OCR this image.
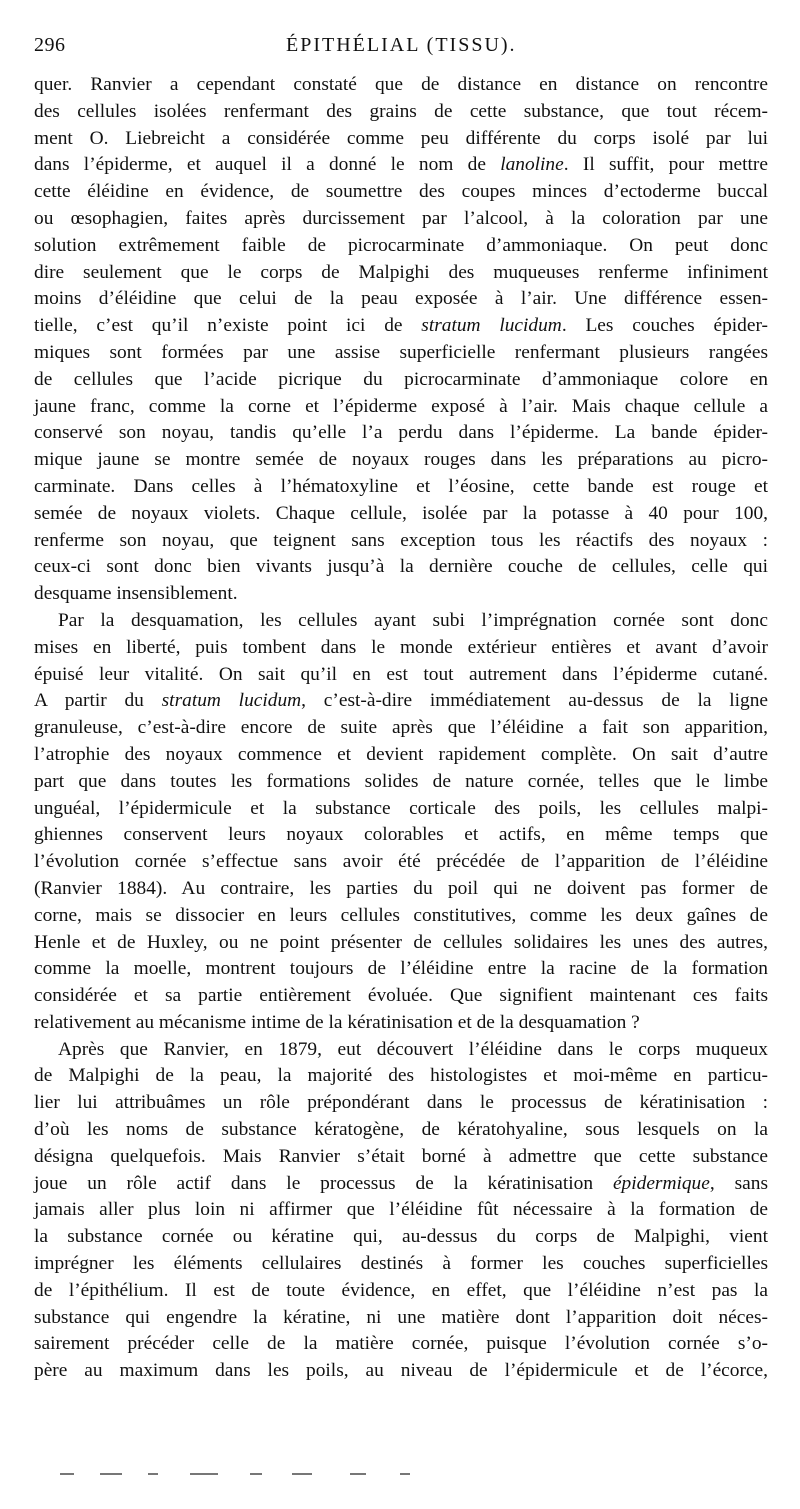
296	ÉPITHÉLIAL (TISSU).
quer. Ranvier a cependant constaté que de distance en distance on rencontre
des cellules isolées renfermant des grains de cette substance, que tout récem-
ment O. Liebreicht a considérée comme peu différente du corps isolé par lui
dans l’épiderme, et auquel il a donné le nom de lanoline. Il suffit, pour mettre
cette éléidine en évidence, de soumettre des coupes minces d’ectoderme buccal
ou œsophagien, faites après durcissement par l’alcool, à la coloration par une
solution extrêmement faible de picrocarminate d’ammoniaque. On peut donc
dire seulement que le corps de Malpighi des muqueuses renferme infiniment
moins d’éléidine que celui de la peau exposée à l’air. Une différence essen-
tielle, c’est qu’il n’existe point ici de stratum lucidum. Les couches épider-
miques sont formées par une assise superficielle renfermant plusieurs rangées
de cellules que l’acide picrique du picrocarminate d’ammoniaque colore en
jaune franc, comme la corne et l’épiderme exposé à l’air. Mais chaque cellule a
conservé son noyau, tandis qu’elle l’a perdu dans l’épiderme. La bande épider-
mique jaune se montre semée de noyaux rouges dans les préparations au picro-
carminate. Dans celles à l’hématoxyline et l’éosine, cette bande est rouge et
semée de noyaux violets. Chaque cellule, isolée par la potasse à 40 pour 100,
renferme son noyau, que teignent sans exception tous les réactifs des noyaux :
ceux-ci sont donc bien vivants jusqu’à la dernière couche de cellules, celle qui
desquame insensiblement.
Par la desquamation, les cellules ayant subi l’imprégnation cornée sont donc
mises en liberté, puis tombent dans le monde extérieur entières et avant d’avoir
épuisé leur vitalité. On sait qu’il en est tout autrement dans l’épiderme cutané.
A partir du stratum lucidum, c’est-à-dire immédiatement au-dessus de la ligne
granuleuse, c’est-à-dire encore de suite après que l’éléidine a fait son apparition,
l’atrophie des noyaux commence et devient rapidement complète. On sait d’autre
part que dans toutes les formations solides de nature cornée, telles que le limbe
unguéal, l’épidermicule et la substance corticale des poils, les cellules malpi-
ghiennes conservent leurs noyaux colorables et actifs, en même temps que
l’évolution cornée s’effectue sans avoir été précédée de l’apparition de l’éléidine
(Ranvier 1884). Au contraire, les parties du poil qui ne doivent pas former de
corne, mais se dissocier en leurs cellules constitutives, comme les deux gaînes de
Henle et de Huxley, ou ne point présenter de cellules solidaires les unes des autres,
comme la moelle, montrent toujours de l’éléidine entre la racine de la formation
considérée et sa partie entièrement évoluée. Que signifient maintenant ces faits
relativement au mécanisme intime de la kératinisation et de la desquamation ?
Après que Ranvier, en 1879, eut découvert l’éléidine dans le corps muqueux
de Malpighi de la peau, la majorité des histologistes et moi-même en particu-
lier lui attribuâmes un rôle prépondérant dans le processus de kératinisation :
d’où les noms de substance kératogène, de kératohyaline, sous lesquels on la
désigna quelquefois. Mais Ranvier s’était borné à admettre que cette substance
joue un rôle actif dans le processus de la kératinisation épidermique, sans
jamais aller plus loin ni affirmer que l’éléidine fût nécessaire à la formation de
la substance cornée ou kératine qui, au-dessus du corps de Malpighi, vient
imprégner les éléments cellulaires destinés à former les couches superficielles
de l’épithélium. Il est de toute évidence, en effet, que l’éléidine n’est pas la
substance qui engendre la kératine, ni une matière dont l’apparition doit néces-
sairement précéder celle de la matière cornée, puisque l’évolution cornée s’o-
père au maximum dans les poils, au niveau de l’épidermicule et de l’écorce,
